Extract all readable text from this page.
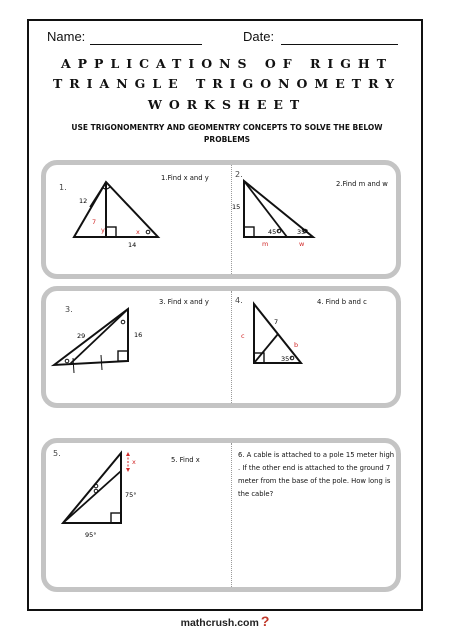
Name:	Date:
APPLICATIONS OF RIGHT
TRIANGLE TRIGONOMETRY
WORKSHEET
USE TRIGONOMENTRY AND GEOMENTRY CONCEPTS TO SOLVE THE BELOW
PROBLEMS
1.
1.Find x and y
12
7
y	x
14
2.
2.Find m and w
15
45°	35°
m	w
3.
3. Find x and y
29	16
4.	4. Find b and c
7
c
b
35°
5.
5. Find x
x
75°
95°
6. A cable is attached to a pole 15 meter high . If the other end is attached to the ground 7 meter from the base of the pole. How long is the cable?
mathcrush.com ?
